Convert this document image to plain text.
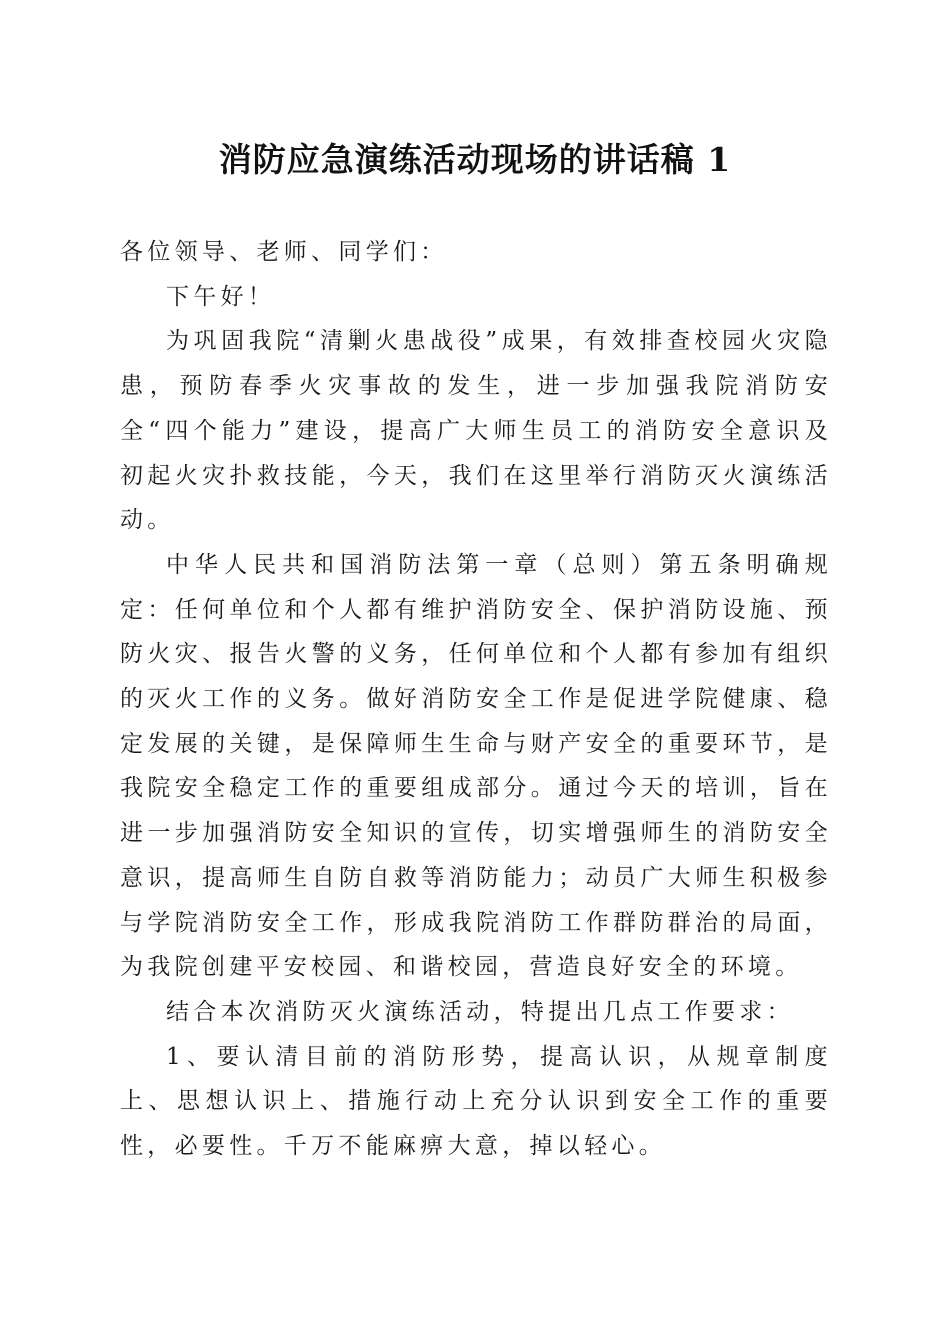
消防应急演练活动现场的讲话稿 1

各位领导、老师、同学们：

下午好！

为巩固我院“清剿火患战役”成果，有效排查校园火灾隐患，预防春季火灾事故的发生，进一步加强我院消防安全“四个能力”建设，提高广大师生员工的消防安全意识及初起火灾扑救技能，今天，我们在这里举行消防灭火演练活动。

中华人民共和国消防法第一章（总则）第五条明确规定：任何单位和个人都有维护消防安全、保护消防设施、预防火灾、报告火警的义务，任何单位和个人都有参加有组织的灭火工作的义务。做好消防安全工作是促进学院健康、稳定发展的关键，是保障师生生命与财产安全的重要环节，是我院安全稳定工作的重要组成部分。通过今天的培训，旨在进一步加强消防安全知识的宣传，切实增强师生的消防安全意识，提高师生自防自救等消防能力；动员广大师生积极参与学院消防安全工作，形成我院消防工作群防群治的局面，为我院创建平安校园、和谐校园，营造良好安全的环境。

结合本次消防灭火演练活动，特提出几点工作要求：

1、要认清目前的消防形势，提高认识，从规章制度上、思想认识上、措施行动上充分认识到安全工作的重要性，必要性。千万不能麻痹大意，掉以轻心。
